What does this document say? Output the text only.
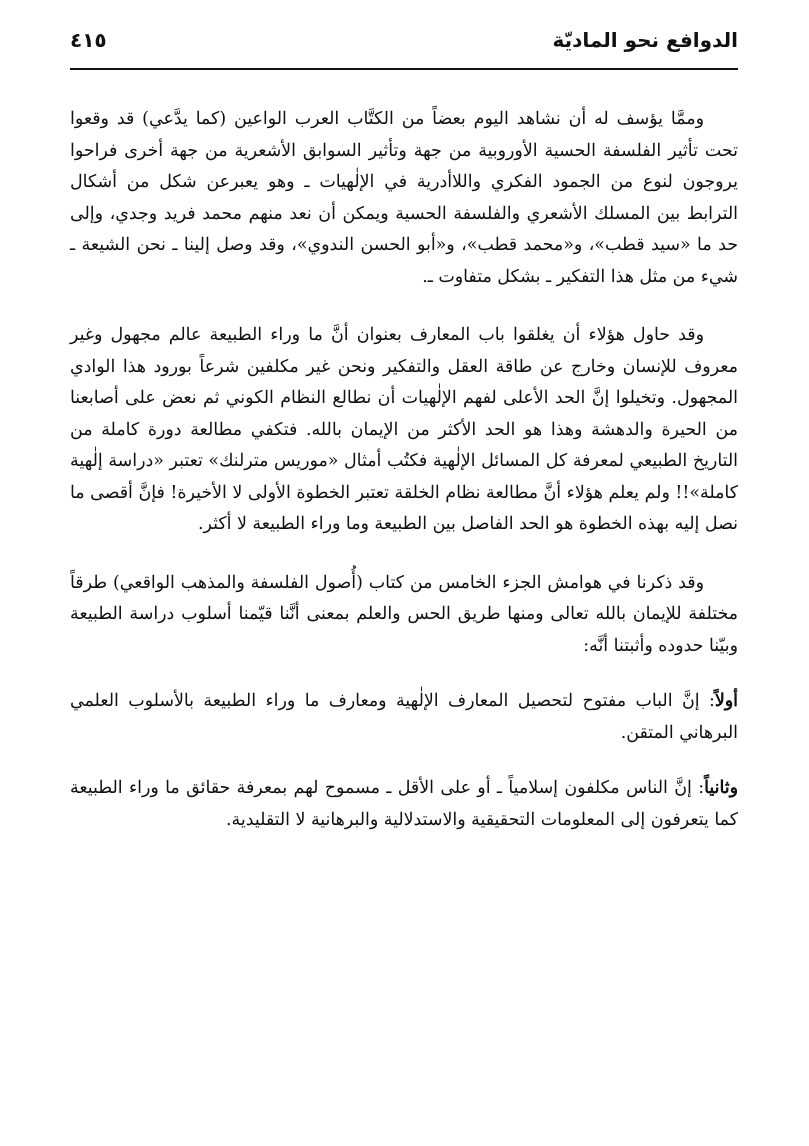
الدوافع نحو الماديّة
٤١٥

وممَّا يؤسف له أن نشاهد اليوم بعضاً من الكتَّاب العرب الواعين (كما يدَّعي) قد وقعوا تحت تأثير الفلسفة الحسية الأوروبية من جهة وتأثير السوابق الأشعرية من جهة أخرى فراحوا يروجون لنوع من الجمود الفكري واللاأدرية في الإلٰهيات ـ وهو يعبرعن شكل من أشكال الترابط بين المسلك الأشعري والفلسفة الحسية ويمكن أن نعد منهم محمد فريد وجدي، وإلى حد ما «سيد قطب»، و«محمد قطب»، و«أبو الحسن الندوي»، وقد وصل إلينا ـ نحن الشيعة ـ شيء من مثل هذا التفكير ـ بشكل متفاوت ـ.

وقد حاول هؤلاء أن يغلقوا باب المعارف بعنوان أنَّ ما وراء الطبيعة عالم مجهول وغير معروف للإنسان وخارج عن طاقة العقل والتفكير ونحن غير مكلفين شرعاً بورود هذا الوادي المجهول. وتخيلوا إنَّ الحد الأعلى لفهم الإلٰهيات أن نطالع النظام الكوني ثم نعض على أصابعنا من الحيرة والدهشة وهذا هو الحد الأكثر من الإيمان بالله. فتكفي مطالعة دورة كاملة من التاريخ الطبيعي لمعرفة كل المسائل الإلٰهية فكتُب أمثال «موريس مترلنك» تعتبر «دراسة إلٰهية كاملة»!! ولم يعلم هؤلاء أنَّ مطالعة نظام الخلقة تعتبر الخطوة الأولى لا الأخيرة! فإنَّ أقصى ما نصل إليه بهذه الخطوة هو الحد الفاصل بين الطبيعة وما وراء الطبيعة لا أكثر.

وقد ذكرنا في هوامش الجزء الخامس من كتاب (أُصول الفلسفة والمذهب الواقعي) طرقاً مختلفة للإيمان بالله تعالى ومنها طريق الحس والعلم بمعنى أنَّنا قيّمنا أسلوب دراسة الطبيعة وبيّنا حدوده وأثبتنا أنَّه:

أولاً: إنَّ الباب مفتوح لتحصيل المعارف الإلٰهية ومعارف ما وراء الطبيعة بالأسلوب العلمي البرهاني المتقن.

وثانياً: إنَّ الناس مكلفون إسلامياً ـ أو على الأقل ـ مسموح لهم بمعرفة حقائق ما وراء الطبيعة كما يتعرفون إلى المعلومات التحقيقية والاستدلالية والبرهانية لا التقليدية.
